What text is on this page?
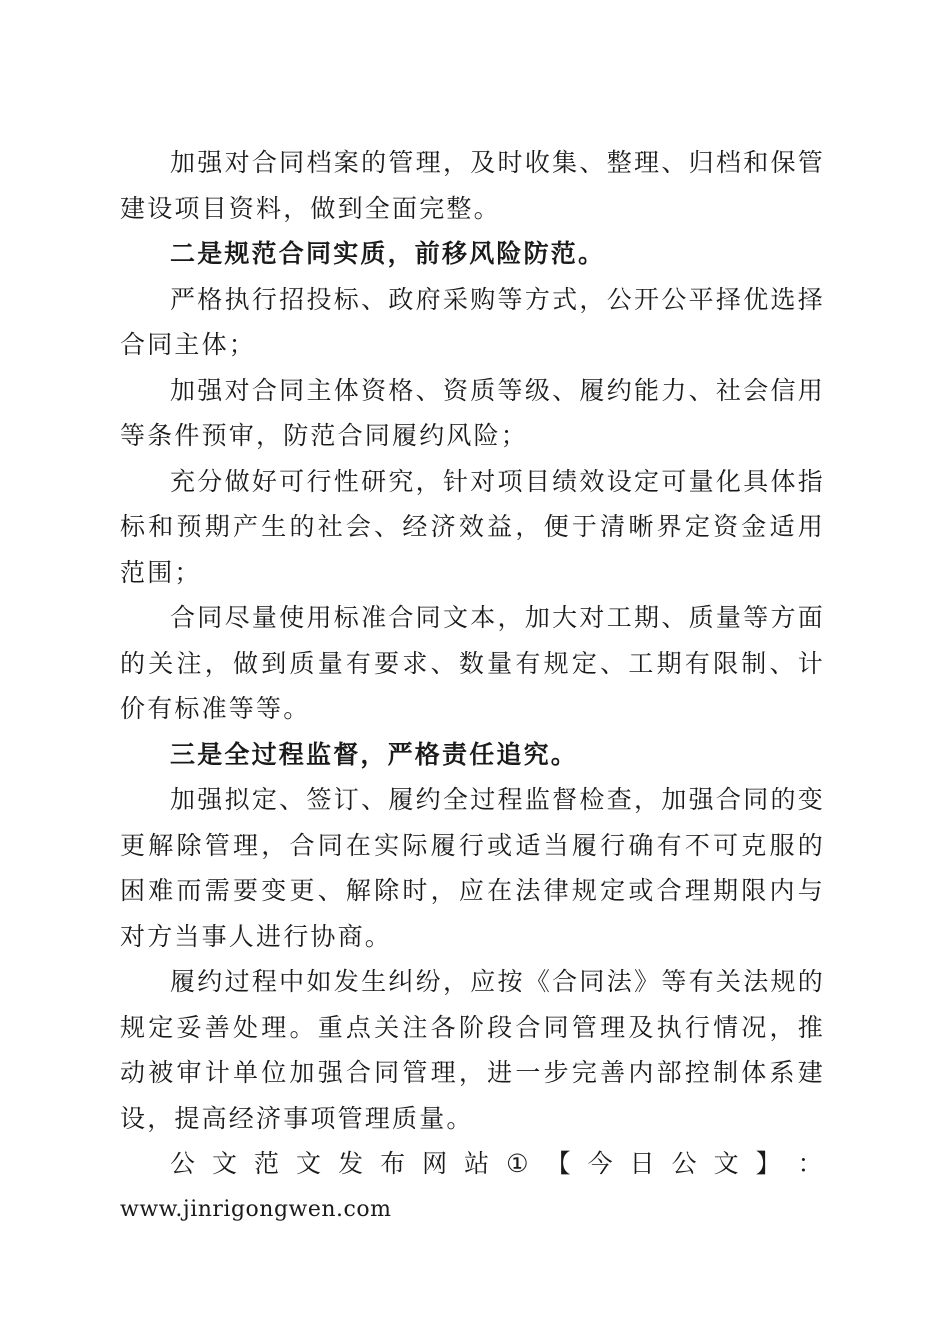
加强对合同档案的管理，及时收集、整理、归档和保管建设项目资料，做到全面完整。

二是规范合同实质，前移风险防范。

严格执行招投标、政府采购等方式，公开公平择优选择合同主体；

加强对合同主体资格、资质等级、履约能力、社会信用等条件预审，防范合同履约风险；

充分做好可行性研究，针对项目绩效设定可量化具体指标和预期产生的社会、经济效益，便于清晰界定资金适用范围；

合同尽量使用标准合同文本，加大对工期、质量等方面的关注，做到质量有要求、数量有规定、工期有限制、计价有标准等等。

三是全过程监督，严格责任追究。

加强拟定、签订、履约全过程监督检查，加强合同的变更解除管理，合同在实际履行或适当履行确有不可克服的困难而需要变更、解除时，应在法律规定或合理期限内与对方当事人进行协商。

履约过程中如发生纠纷，应按《合同法》等有关法规的规定妥善处理。重点关注各阶段合同管理及执行情况，推动被审计单位加强合同管理，进一步完善内部控制体系建设，提高经济事项管理质量。

公 文 范 文 发 布 网 站 ① 【 今 日 公 文 】 ：

www.jinrigongwen.com
